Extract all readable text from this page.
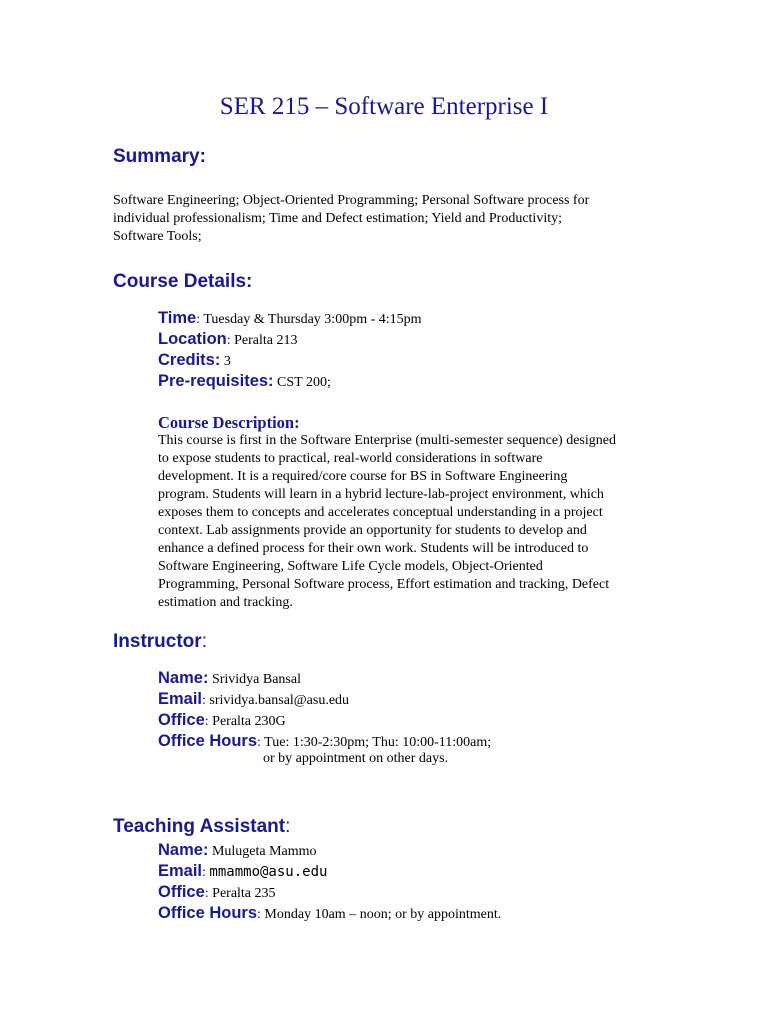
SER 215 – Software Enterprise I
Summary:
Software Engineering; Object-Oriented Programming; Personal Software process for
individual professionalism; Time and Defect estimation; Yield and Productivity;
Software Tools;
Course Details:
Time: Tuesday & Thursday 3:00pm - 4:15pm
Location: Peralta 213
Credits: 3
Pre-requisites: CST 200;
Course Description:
This course is first in the Software Enterprise (multi-semester sequence) designed
to expose students to practical, real-world considerations in software
development. It is a required/core course for BS in Software Engineering
program. Students will learn in a hybrid lecture-lab-project environment, which
exposes them to concepts and accelerates conceptual understanding in a project
context. Lab assignments provide an opportunity for students to develop and
enhance a defined process for their own work. Students will be introduced to
Software Engineering, Software Life Cycle models, Object-Oriented
Programming, Personal Software process, Effort estimation and tracking, Defect
estimation and tracking.
Instructor:
Name: Srividya Bansal
Email: srividya.bansal@asu.edu
Office: Peralta 230G
Office Hours: Tue: 1:30-2:30pm; Thu: 10:00-11:00am;
or by appointment on other days.
Teaching Assistant:
Name: Mulugeta Mammo
Email: mmammo@asu.edu
Office: Peralta 235
Office Hours: Monday 10am – noon; or by appointment.
